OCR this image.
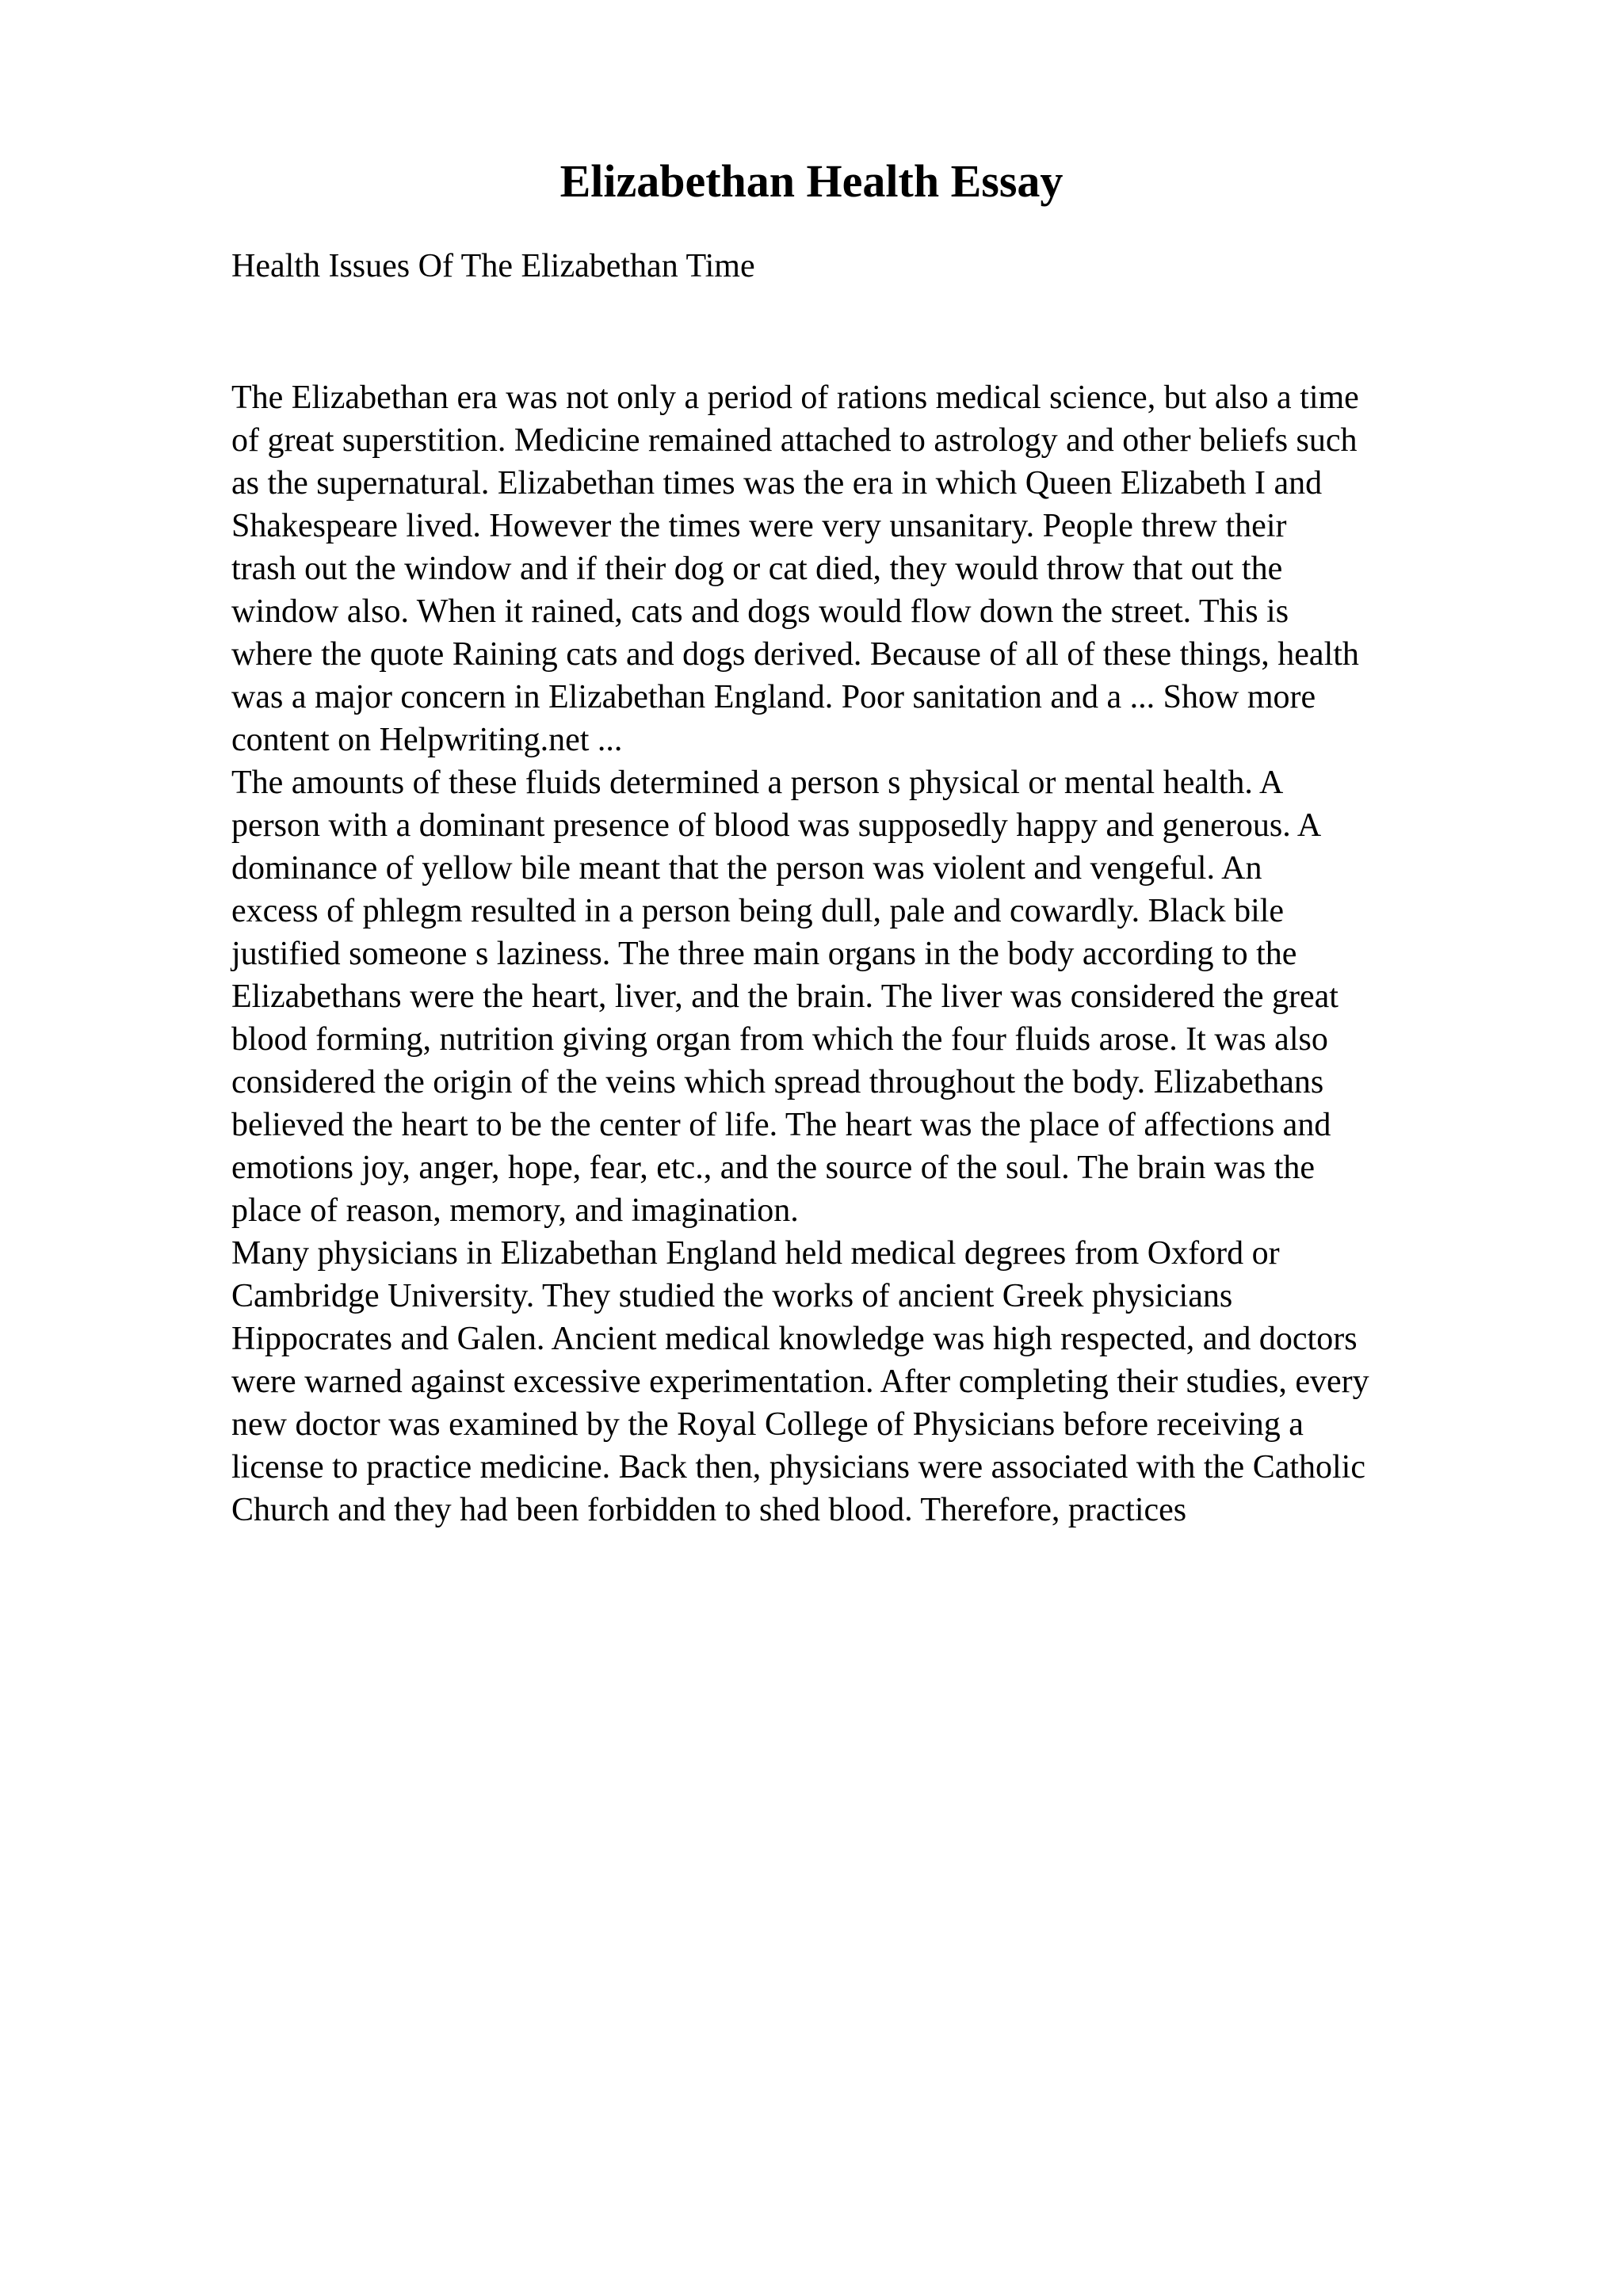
Elizabethan Health Essay

Health Issues Of The Elizabethan Time

The Elizabethan era was not only a period of rations medical science, but also a time
of great superstition. Medicine remained attached to astrology and other beliefs such
as the supernatural. Elizabethan times was the era in which Queen Elizabeth I and
Shakespeare lived. However the times were very unsanitary. People threw their
trash out the window and if their dog or cat died, they would throw that out the
window also. When it rained, cats and dogs would flow down the street. This is
where the quote Raining cats and dogs derived. Because of all of these things, health
was a major concern in Elizabethan England. Poor sanitation and a ... Show more
content on Helpwriting.net ...
The amounts of these fluids determined a person s physical or mental health. A
person with a dominant presence of blood was supposedly happy and generous. A
dominance of yellow bile meant that the person was violent and vengeful. An
excess of phlegm resulted in a person being dull, pale and cowardly. Black bile
justified someone s laziness. The three main organs in the body according to the
Elizabethans were the heart, liver, and the brain. The liver was considered the great
blood forming, nutrition giving organ from which the four fluids arose. It was also
considered the origin of the veins which spread throughout the body. Elizabethans
believed the heart to be the center of life. The heart was the place of affections and
emotions joy, anger, hope, fear, etc., and the source of the soul. The brain was the
place of reason, memory, and imagination.
Many physicians in Elizabethan England held medical degrees from Oxford or
Cambridge University. They studied the works of ancient Greek physicians
Hippocrates and Galen. Ancient medical knowledge was high respected, and doctors
were warned against excessive experimentation. After completing their studies, every
new doctor was examined by the Royal College of Physicians before receiving a
license to practice medicine. Back then, physicians were associated with the Catholic
Church and they had been forbidden to shed blood. Therefore, practices
